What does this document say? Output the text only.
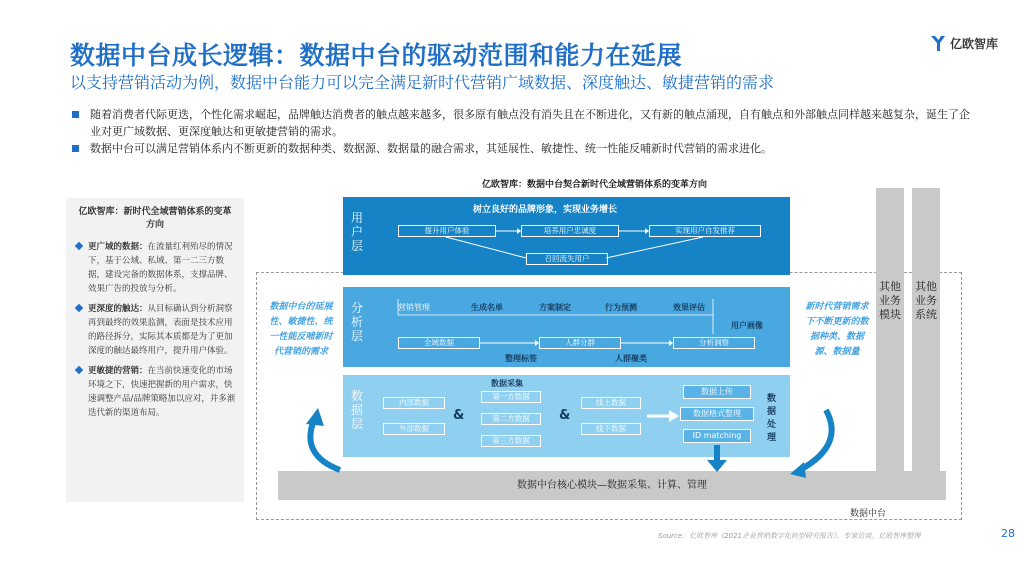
数据中台成长逻辑：数据中台的驱动范围和能力在延展
以支持营销活动为例，数据中台能力可以完全满足新时代营销广域数据、深度触达、敏捷营销的需求
亿欧智库
随着消费者代际更迭，个性化需求崛起，品牌触达消费者的触点越来越多，很多原有触点没有消失且在不断进化，又有新的触点涌现，自有触点和外部触点同样越来越复杂，诞生了企业对更广域数据、更深度触达和更敏捷营销的需求。
数据中台可以满足营销体系内不断更新的数据种类、数据源、数据量的融合需求，其延展性、敏捷性、统一性能反哺新时代营销的需求进化。
亿欧智库：数据中台契合新时代全域营销体系的变革方向
亿欧智库：新时代全域营销体系的变革方向
更广域的数据：在流量红利殆尽的情况下，基于公域、私域、第一二三方数据，建设完备的数据体系，支撑品牌、效果广告的投放与分析。
更深度的触达：从目标确认到分析洞察再到最终的效果监测，表面是技术应用的路径拆分，实际其本质都是为了更加深度的触达最终用户，提升用户体验。
更敏捷的营销：在当前快速变化的市场环境之下，快速把握新的用户需求，快速调整产品/品牌策略加以应对，并多渐迭代新的渠道布局。
其他业务模块
其他业务系统
数据中台核心模块—数据采集、计算、管理
数据中台
用户层
树立良好的品牌形象，实现业务增长
提升用户体验	培养用户忠诚度	实现用户自发推荐
召回流失用户
分析层
营销管理	生成名单	方案制定	行为预测	效果评估
用户画像
全域数据	人群分群	分析洞察
整理标签	人群聚类
数据层
数据采集
内部数据
外部数据
&
第一方数据
第二方数据
第三方数据
&
线上数据
线下数据
数据上传
数据格式整理
ID matching
数据处理
数据中台的延展性、敏捷性、统一性能反哺新时代营销的需求
新时代营销需求下不断更新的数据种类、数据源、数据量
Source：亿欧智库《2021企业营销数字化转型研究报告》、专家访谈、亿欧智库整理	28
